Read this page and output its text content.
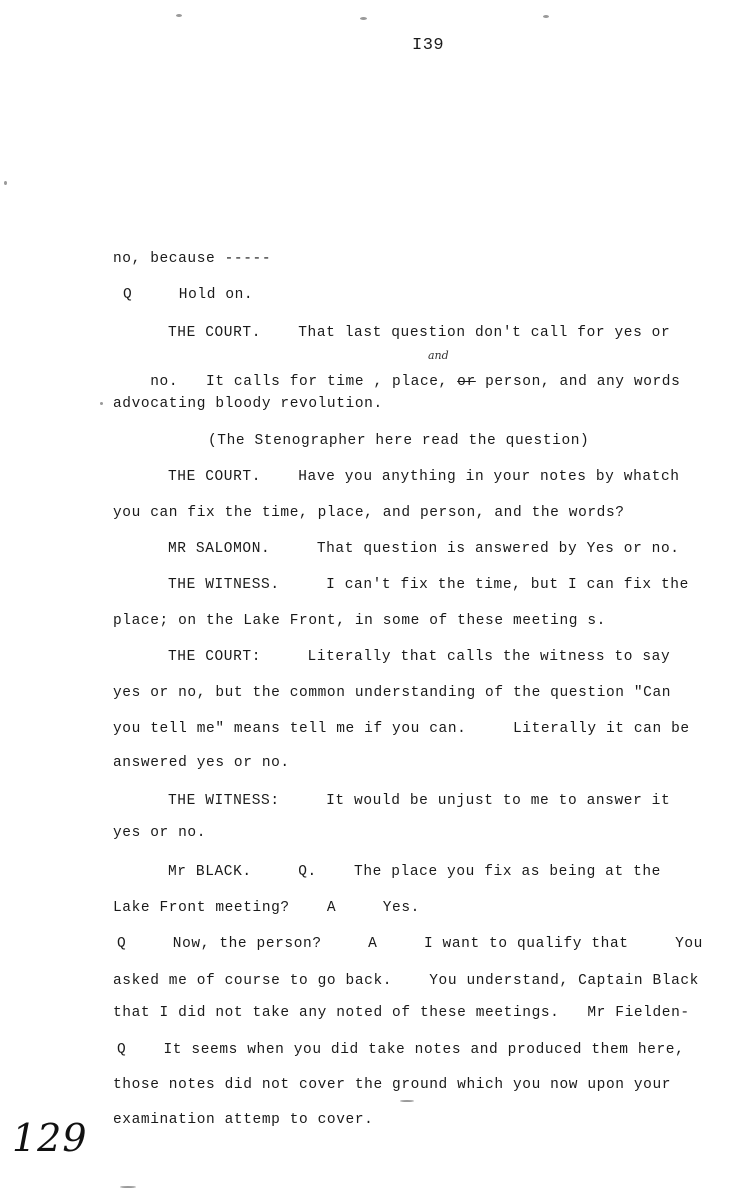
I39
no, because -----
Q     Hold on.
THE COURT.    That last question don't call for yes or

no.   It calls for time , place, or person, and any words

and
advocating bloody revolution.
(The Stenographer here read the question)
THE COURT.    Have you anything in your notes by whatch
you can fix the time, place, and person, and the words?
MR SALOMON.     That question is answered by Yes or no.
THE WITNESS.     I can't fix the time, but I can fix the
place; on the Lake Front, in some of these meeting s.
THE COURT:     Literally that calls the witness to say
yes or no, but the common understanding of the question "Can
you tell me" means tell me if you can.     Literally it can be
answered yes or no.
THE WITNESS:     It would be unjust to me to answer it
yes or no.
Mr BLACK.     Q.    The place you fix as being at the
Lake Front meeting?    A     Yes.
Q     Now, the person?     A     I want to qualify that     You
asked me of course to go back.    You understand, Captain Black
that I did not take any noted of these meetings.   Mr Fielden-
Q    It seems when you did take notes and produced them here,
those notes did not cover the ground which you now upon your
examination attemp to cover.
129
